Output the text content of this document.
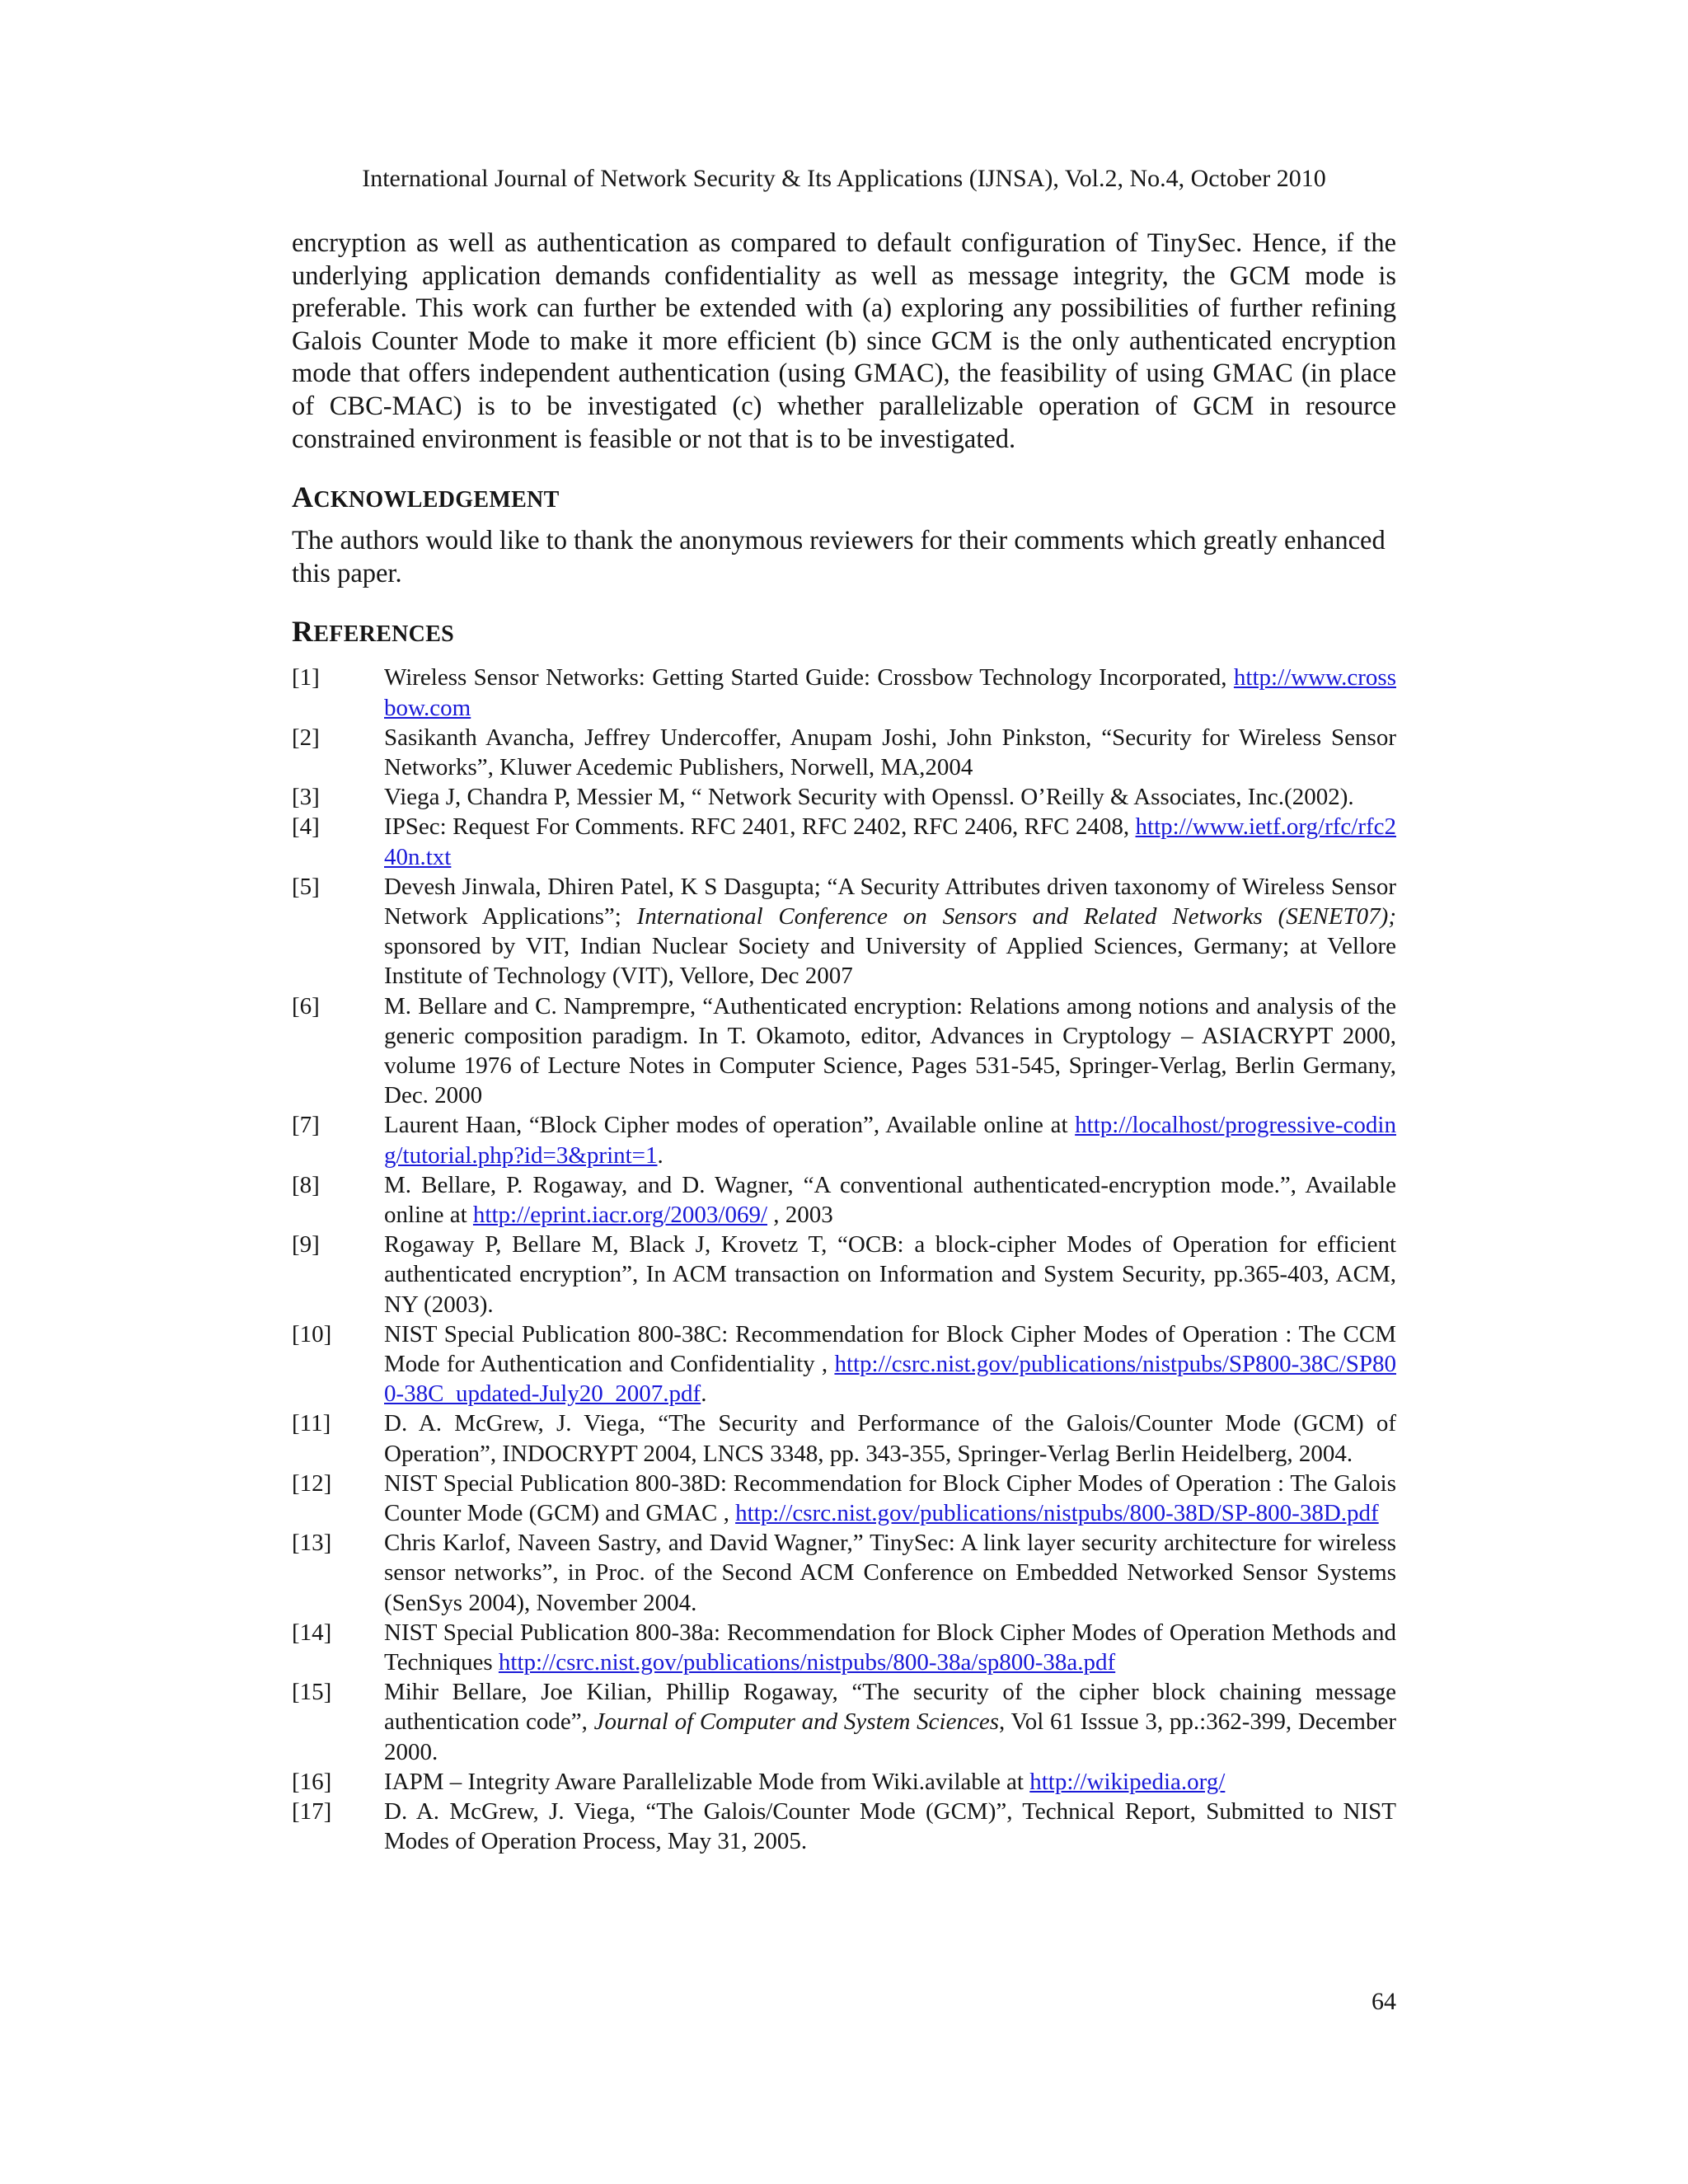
International Journal of Network Security & Its Applications (IJNSA), Vol.2, No.4, October 2010

encryption as well as authentication as compared to default configuration of TinySec. Hence, if the underlying application demands confidentiality as well as message integrity, the GCM mode is preferable. This work can further be extended with (a) exploring any possibilities of further refining Galois Counter Mode to make it more efficient (b) since GCM is the only authenticated encryption mode that offers independent authentication (using GMAC), the feasibility of using GMAC (in place of CBC-MAC) is to be investigated (c) whether parallelizable operation of GCM in resource constrained environment is feasible or not that is to be investigated.

ACKNOWLEDGEMENT

The authors would like to thank the anonymous reviewers for their comments which greatly enhanced this paper.

REFERENCES
[1]	Wireless Sensor Networks: Getting Started Guide: Crossbow Technology Incorporated, http://www.crossbow.com
[2]	Sasikanth Avancha, Jeffrey Undercoffer, Anupam Joshi, John Pinkston, “Security for Wireless Sensor Networks”, Kluwer Acedemic Publishers, Norwell, MA,2004
[3]	Viega J, Chandra P, Messier M, “ Network Security with Openssl. O’Reilly & Associates, Inc.(2002).
[4]	IPSec: Request For Comments. RFC 2401, RFC 2402, RFC 2406, RFC 2408, http://www.ietf.org/rfc/rfc240n.txt
[5]	Devesh Jinwala, Dhiren Patel, K S Dasgupta; “A Security Attributes driven taxonomy of Wireless Sensor Network Applications”; International Conference on Sensors and Related Networks (SENET07); sponsored by VIT, Indian Nuclear Society and University of Applied Sciences, Germany; at Vellore Institute of Technology (VIT), Vellore, Dec 2007
[6]	M. Bellare and C. Namprempre, “Authenticated encryption: Relations among notions and analysis of the generic composition paradigm. In T. Okamoto, editor, Advances in Cryptology – ASIACRYPT 2000, volume 1976 of Lecture Notes in Computer Science, Pages 531-545, Springer-Verlag, Berlin Germany, Dec. 2000
[7]	Laurent Haan, “Block Cipher modes of operation”, Available online at http://localhost/progressive-coding/tutorial.php?id=3&print=1.
[8]	M. Bellare, P. Rogaway, and D. Wagner, “A conventional authenticated-encryption mode.”, Available online at http://eprint.iacr.org/2003/069/ , 2003
[9]	Rogaway P, Bellare M, Black J, Krovetz T, “OCB: a block-cipher Modes of Operation for efficient authenticated encryption”, In ACM transaction on Information and System Security, pp.365-403, ACM, NY (2003).
[10]	NIST Special Publication 800-38C: Recommendation for Block Cipher Modes of Operation : The CCM Mode for Authentication and Confidentiality , http://csrc.nist.gov/publications/nistpubs/SP800-38C/SP800-38C_updated-July20_2007.pdf.
[11]	D. A. McGrew, J. Viega, “The Security and Performance of the Galois/Counter Mode (GCM) of Operation”, INDOCRYPT 2004, LNCS 3348, pp. 343-355, Springer-Verlag Berlin Heidelberg, 2004.
[12]	NIST Special Publication 800-38D: Recommendation for Block Cipher Modes of Operation : The Galois Counter Mode (GCM) and GMAC , http://csrc.nist.gov/publications/nistpubs/800-38D/SP-800-38D.pdf
[13]	Chris Karlof, Naveen Sastry, and David Wagner,” TinySec: A link layer security architecture for wireless sensor networks”, in Proc. of the Second ACM Conference on Embedded Networked Sensor Systems (SenSys 2004), November 2004.
[14]	NIST Special Publication 800-38a: Recommendation for Block Cipher Modes of Operation Methods and Techniques http://csrc.nist.gov/publications/nistpubs/800-38a/sp800-38a.pdf
[15]	Mihir Bellare, Joe Kilian, Phillip Rogaway, “The security of the cipher block chaining message authentication code”, Journal of Computer and System Sciences, Vol 61 Isssue 3, pp.:362-399, December 2000.
[16]	IAPM – Integrity Aware Parallelizable Mode from Wiki.avilable at http://wikipedia.org/
[17]	D. A. McGrew, J. Viega, “The Galois/Counter Mode (GCM)”, Technical Report, Submitted to NIST Modes of Operation Process, May 31, 2005.
64
